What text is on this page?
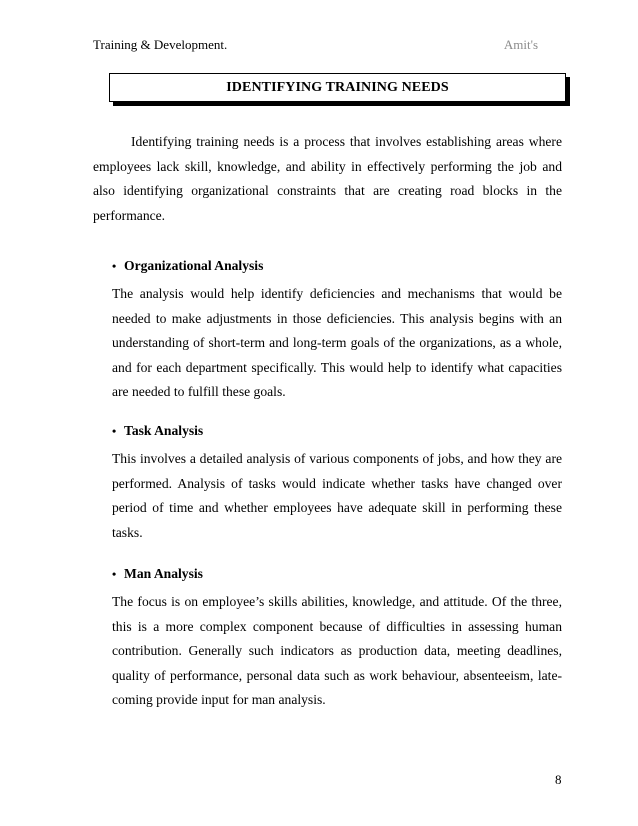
Training & Development.	Amit's
IDENTIFYING TRAINING NEEDS

Identifying training needs is a process that involves establishing areas where employees lack skill, knowledge, and ability in effectively performing the job and also identifying organizational constraints that are creating road blocks in the performance.

• Organizational Analysis

The analysis would help identify deficiencies and mechanisms that would be needed to make adjustments in those deficiencies. This analysis begins with an understanding of short-term and long-term goals of the organizations, as a whole, and for each department specifically. This would help to identify what capacities are needed to fulfill these goals.

• Task Analysis

This involves a detailed analysis of various components of jobs, and how they are performed. Analysis of tasks would indicate whether tasks have changed over period of time and whether employees have adequate skill in performing these tasks.

• Man Analysis

The focus is on employee’s skills abilities, knowledge, and attitude. Of the three, this is a more complex component because of difficulties in assessing human contribution. Generally such indicators as production data, meeting deadlines, quality of performance, personal data such as work behaviour, absenteeism, late-coming provide input for man analysis.

8
